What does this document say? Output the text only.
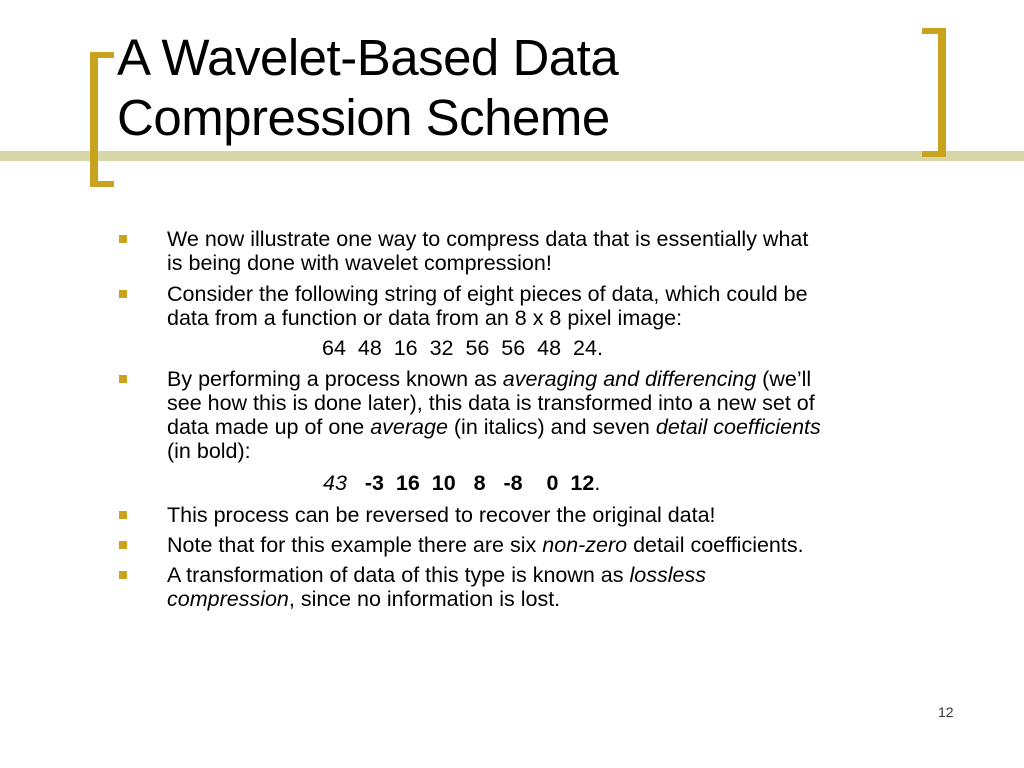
A Wavelet-Based Data
Compression Scheme
We now illustrate one way to compress data that is essentially what
is being done with wavelet compression!
Consider the following string of eight pieces of data, which could be
data from a function or data from an 8 x 8 pixel image:
64  48  16  32  56  56  48  24.
By performing a process known as averaging and differencing (we’ll
see how this is done later), this data is transformed into a new set of
data made up of one average (in italics) and seven detail coefficients
(in bold):
43 -3  16  10   8   -8    0  12.
This process can be reversed to recover the original data!
Note that for this example there are six non-zero detail coefficients.
A transformation of data of this type is known as lossless
compression, since no information is lost.
12
